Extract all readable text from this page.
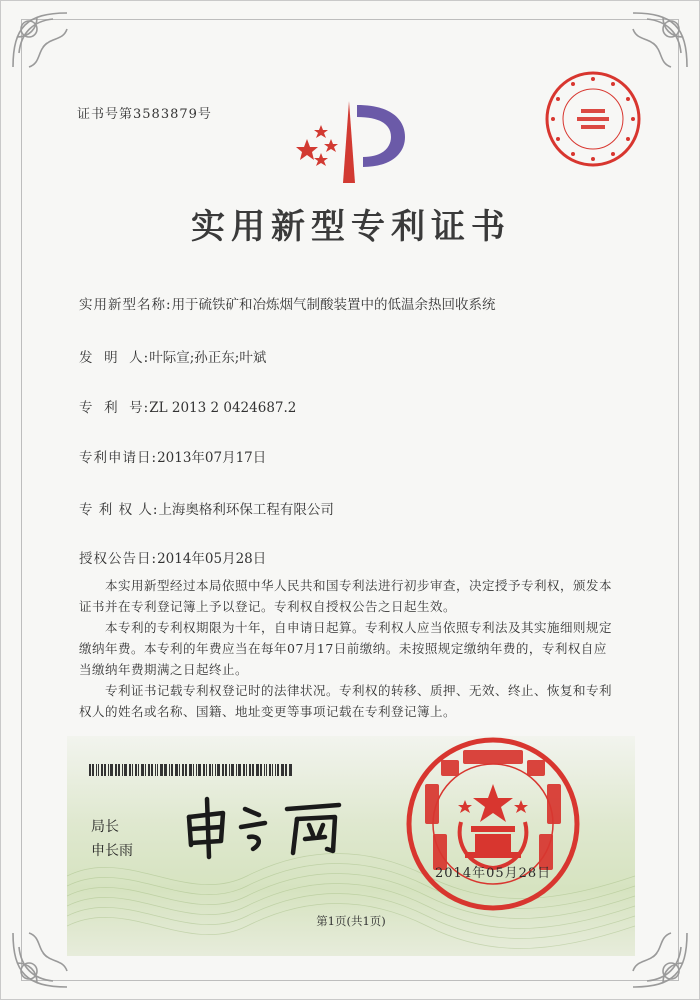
证书号第3583879号
实用新型专利证书
实用新型名称:用于硫铁矿和冶炼烟气制酸装置中的低温余热回收系统
发  明  人:叶际宣;孙正东;叶斌
专  利  号:ZL 2013 2 0424687.2
专利申请日:2013年07月17日
专 利 权 人:上海奥格利环保工程有限公司
授权公告日:2014年05月28日
本实用新型经过本局依照中华人民共和国专利法进行初步审查，决定授予专利权，颁发本证书并在专利登记簿上予以登记。专利权自授权公告之日起生效。
本专利的专利权期限为十年，自申请日起算。专利权人应当依照专利法及其实施细则规定缴纳年费。本专利的年费应当在每年07月17日前缴纳。未按照规定缴纳年费的，专利权自应当缴纳年费期满之日起终止。
专利证书记载专利权登记时的法律状况。专利权的转移、质押、无效、终止、恢复和专利权人的姓名或名称、国籍、地址变更等事项记载在专利登记簿上。
局长
申长雨
2014年05月28日
第1页(共1页)
